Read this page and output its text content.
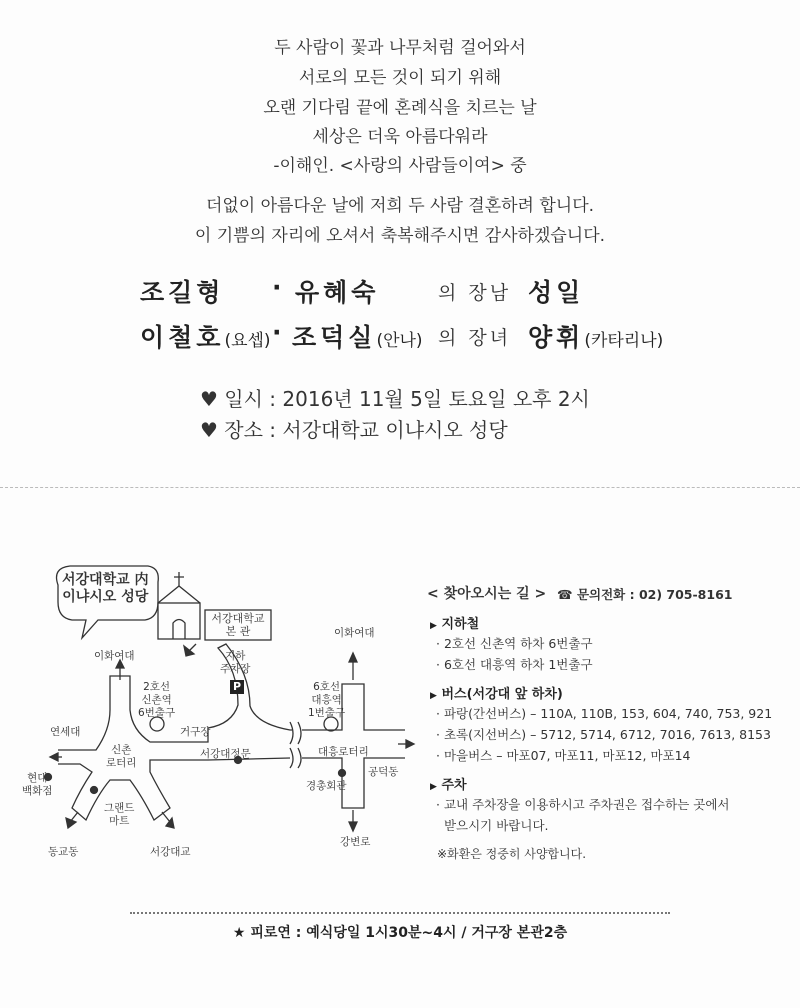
두 사람이 꽃과 나무처럼 걸어와서
서로의 모든 것이 되기 위해
오랜 기다림 끝에 혼례식을 치르는 날
세상은 더욱 아름다워라
-이해인. <사랑의 사람들이여> 중
더없이 아름다운 날에 저희 두 사람 결혼하려 합니다.
이 기쁨의 자리에 오셔서 축복해주시면 감사하겠습니다.
조길형 · 유혜숙	의 장남 성일
이철호(요셉) · 조덕실(안나) 의 장녀 양휘(카타리나)
♥ 일시 : 2016년 11월 5일 토요일 오후 2시
♥ 장소 : 서강대학교 이냐시오 성당
서강대학교 内
이냐시오 성당
서강대학교
본 관
지하
주차장
P
이화여대
이화여대
2호선
신촌역
6번출구
6호선
대흥역
1번출구
연세대
신촌
로터리
거구장
서강대정문	대흥로터리
공덕동
현대
백화점
그랜드
마트
경총회관
동교동	서강대교
강변로
< 찾아오시는 길 > ☎ 문의전화 : 02) 705-8161
▶ 지하철
· 2호선 신촌역 하차 6번출구
· 6호선 대흥역 하차 1번출구
▶ 버스(서강대 앞 하차)
· 파랑(간선버스) – 110A, 110B, 153, 604, 740, 753, 921
· 초록(지선버스) – 5712, 5714, 6712, 7016, 7613, 8153
· 마을버스 – 마포07, 마포11, 마포12, 마포14
▶ 주차
· 교내 주차장을 이용하시고 주차권은 접수하는 곳에서
받으시기 바랍니다.
※화환은 정중히 사양합니다.
★ 피로연 : 예식당일 1시30분~4시 / 거구장 본관2층
